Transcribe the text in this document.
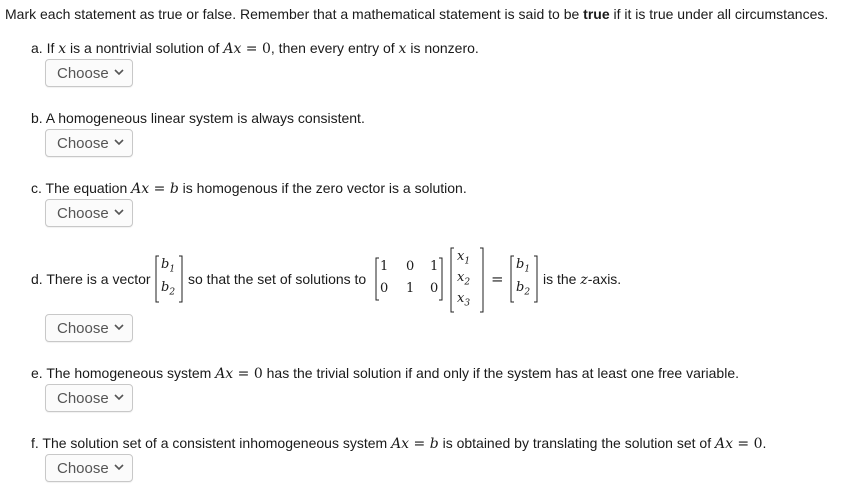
Mark each statement as true or false. Remember that a mathematical statement is said to be true if it is true under all circumstances.
a. If x is a nontrivial solution of Ax = 0, then every entry of x is nonzero.
Choose
b. A homogeneous linear system is always consistent.
Choose
c. The equation Ax = b is homogenous if the zero vector is a solution.
Choose
d. There is a vector
$b_1$
$b_2$
so that the set of solutions to
1 0 1
0 1 0
$x_1$
$x_2$
$x_3$
=
$b_1$
$b_2$
is the z-axis.
Choose
e. The homogeneous system Ax = 0 has the trivial solution if and only if the system has at least one free variable.
Choose
f. The solution set of a consistent inhomogeneous system Ax = b is obtained by translating the solution set of Ax = 0.
Choose
